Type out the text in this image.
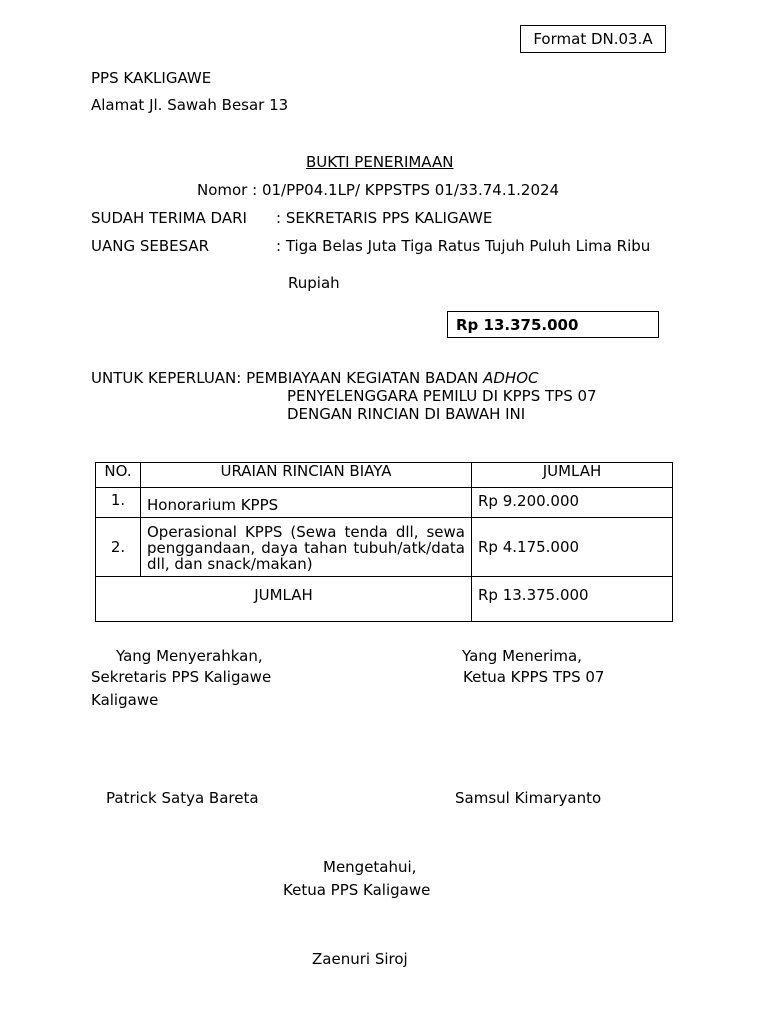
Format DN.03.A
PPS KAKLIGAWE
Alamat Jl. Sawah Besar 13
BUKTI PENERIMAAN
Nomor : 01/PP04.1LP/ KPPSTPS 01/33.74.1.2024
SUDAH TERIMA DARI : SEKRETARIS PPS KALIGAWE
UANG SEBESAR	: Tiga Belas Juta Tiga Ratus Tujuh Puluh Lima Ribu
Rupiah
Rp 13.375.000
UNTUK KEPERLUAN: PEMBIAYAAN KEGIATAN BADAN ADHOC
PENYELENGGARA PEMILU DI KPPS TPS 07
DENGAN RINCIAN DI BAWAH INI
NO.	URAIAN RINCIAN BIAYA	JUMLAH
1.	Honorarium KPPS	Rp 9.200.000
2.	Operasional KPPS (Sewa tenda dll, sewa penggandaan, daya tahan tubuh/atk/data dll, dan snack/makan)	Rp 4.175.000
JUMLAH		Rp 13.375.000
Yang Menyerahkan,
Sekretaris PPS Kaligawe
Kaligawe
Patrick Satya Bareta
Yang Menerima,
Ketua KPPS TPS 07
Samsul Kimaryanto
Mengetahui,
Ketua PPS Kaligawe
Zaenuri Siroj
